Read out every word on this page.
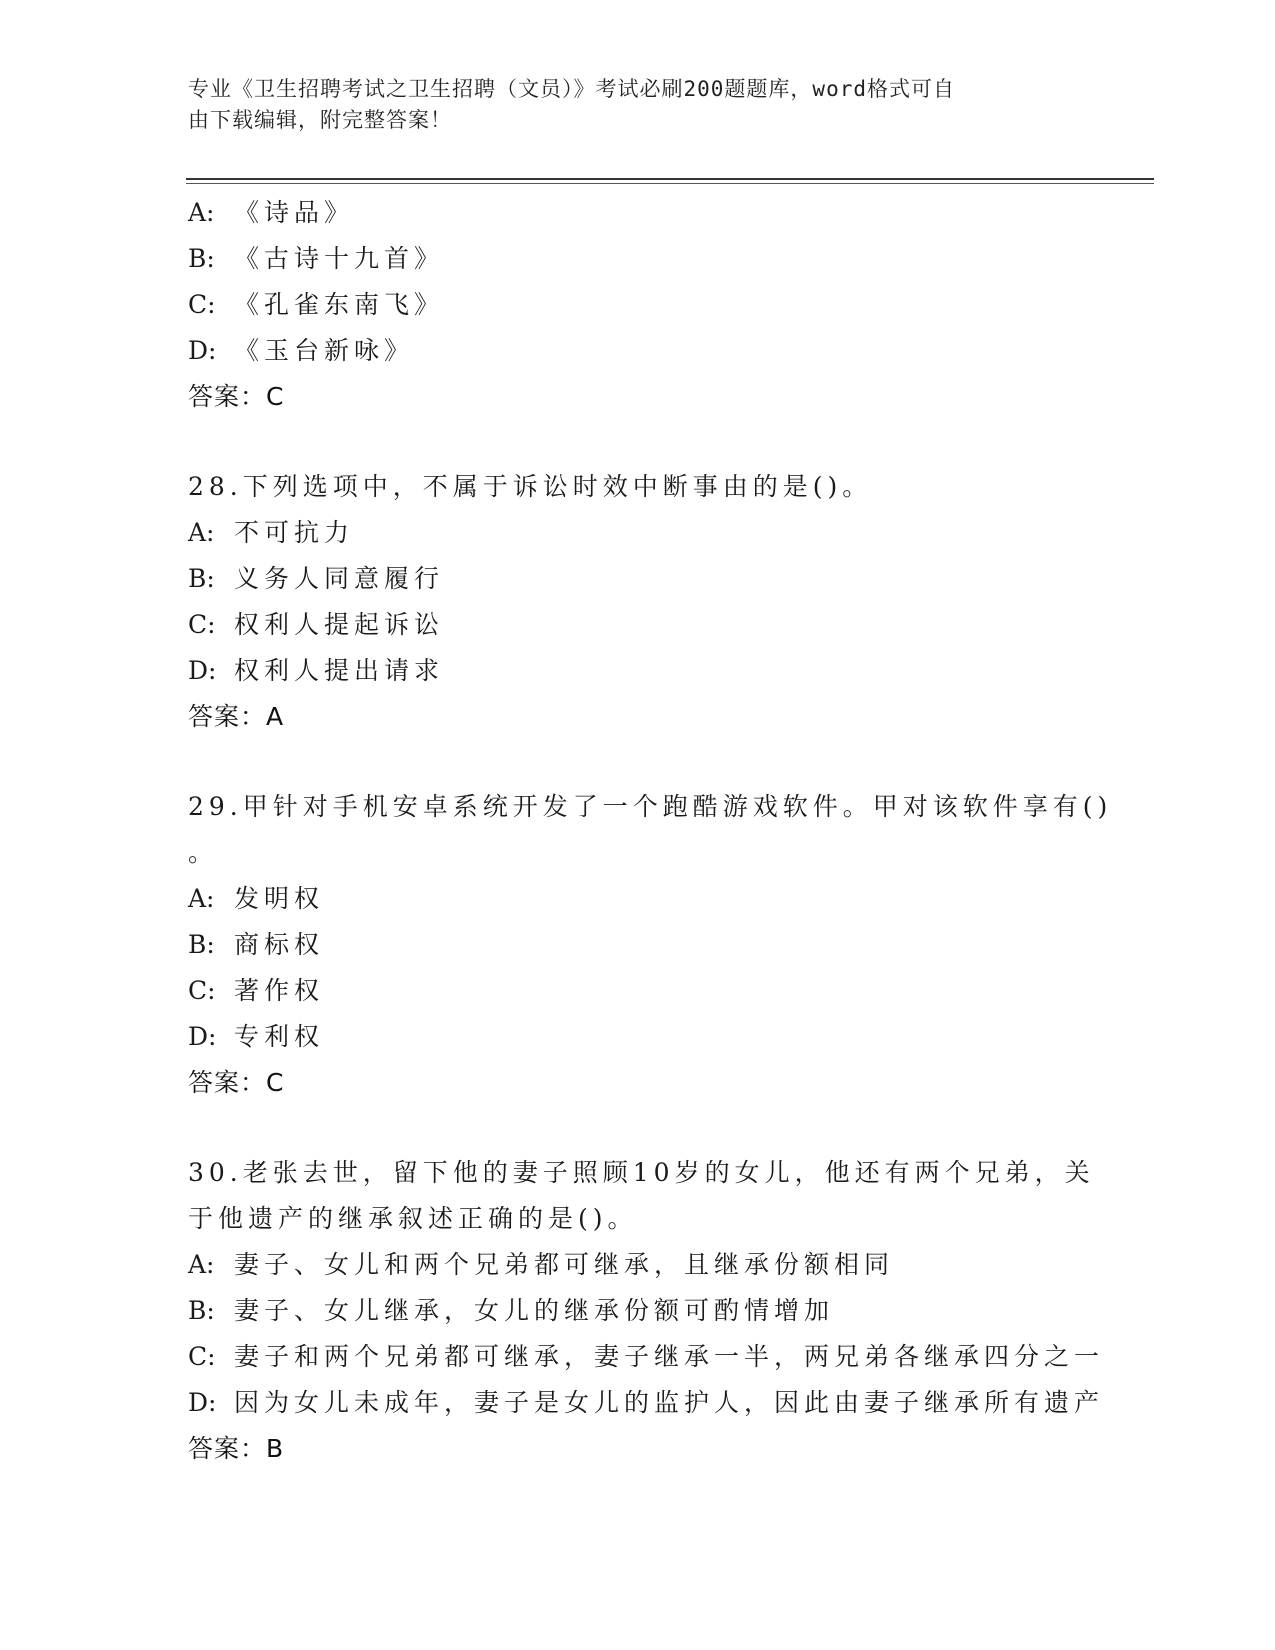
专业《卫生招聘考试之卫生招聘（文员）》考试必刷200题题库，word格式可自
由下载编辑，附完整答案！
A: 《诗品》
B: 《古诗十九首》
C: 《孔雀东南飞》
D: 《玉台新咏》
答案：C
28.下列选项中，不属于诉讼时效中断事由的是()。
A: 不可抗力
B: 义务人同意履行
C: 权利人提起诉讼
D: 权利人提出请求
答案：A
29.甲针对手机安卓系统开发了一个跑酷游戏软件。甲对该软件享有()
。
A: 发明权
B: 商标权
C: 著作权
D: 专利权
答案：C
30.老张去世，留下他的妻子照顾10岁的女儿，他还有两个兄弟，关
于他遗产的继承叙述正确的是()。
A: 妻子、女儿和两个兄弟都可继承，且继承份额相同
B: 妻子、女儿继承，女儿的继承份额可酌情增加
C: 妻子和两个兄弟都可继承，妻子继承一半，两兄弟各继承四分之一
D: 因为女儿未成年，妻子是女儿的监护人，因此由妻子继承所有遗产
答案：B
